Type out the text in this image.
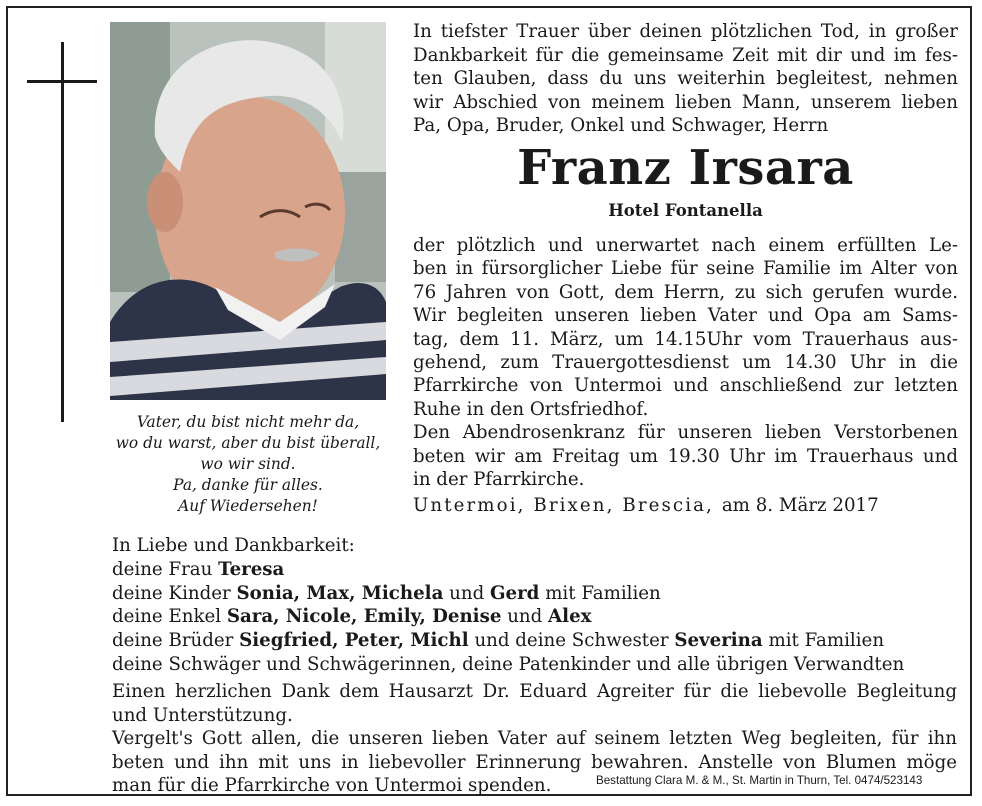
Vater, du bist nicht mehr da,
wo du warst, aber du bist überall,
wo wir sind.
Pa, danke für alles.
Auf Wiedersehen!
In tiefster Trauer über deinen plötzlichen Tod, in großer
Dankbarkeit für die gemeinsame Zeit mit dir und im fes-
ten Glauben, dass du uns weiterhin begleitest, nehmen
wir Abschied von meinem lieben Mann, unserem lieben
Pa, Opa, Bruder, Onkel und Schwager, Herrn
Franz Irsara
Hotel Fontanella
der plötzlich und unerwartet nach einem erfüllten Le-
ben in fürsorglicher Liebe für seine Familie im Alter von
76 Jahren von Gott, dem Herrn, zu sich gerufen wurde.
Wir begleiten unseren lieben Vater und Opa am Sams-
tag, dem 11. März, um 14.15Uhr vom Trauerhaus aus-
gehend, zum Trauergottesdienst um 14.30 Uhr in die
Pfarrkirche von Untermoi und anschließend zur letzten
Ruhe in den Ortsfriedhof.
Den Abendrosenkranz für unseren lieben Verstorbenen
beten wir am Freitag um 19.30 Uhr im Trauerhaus und
in der Pfarrkirche.
Untermoi, Brixen, Brescia, am 8. März 2017
In Liebe und Dankbarkeit:
deine Frau Teresa
deine Kinder Sonia, Max, Michela und Gerd mit Familien
deine Enkel Sara, Nicole, Emily, Denise und Alex
deine Brüder Siegfried, Peter, Michl und deine Schwester Severina mit Familien
deine Schwäger und Schwägerinnen, deine Patenkinder und alle übrigen Verwandten
Einen herzlichen Dank dem Hausarzt Dr. Eduard Agreiter für die liebevolle Begleitung
und Unterstützung.
Vergelt's Gott allen, die unseren lieben Vater auf seinem letzten Weg begleiten, für ihn
beten und ihn mit uns in liebevoller Erinnerung bewahren. Anstelle von Blumen möge
man für die Pfarrkirche von Untermoi spenden.	Bestattung Clara M. & M., St. Martin in Thurn, Tel. 0474/523143
